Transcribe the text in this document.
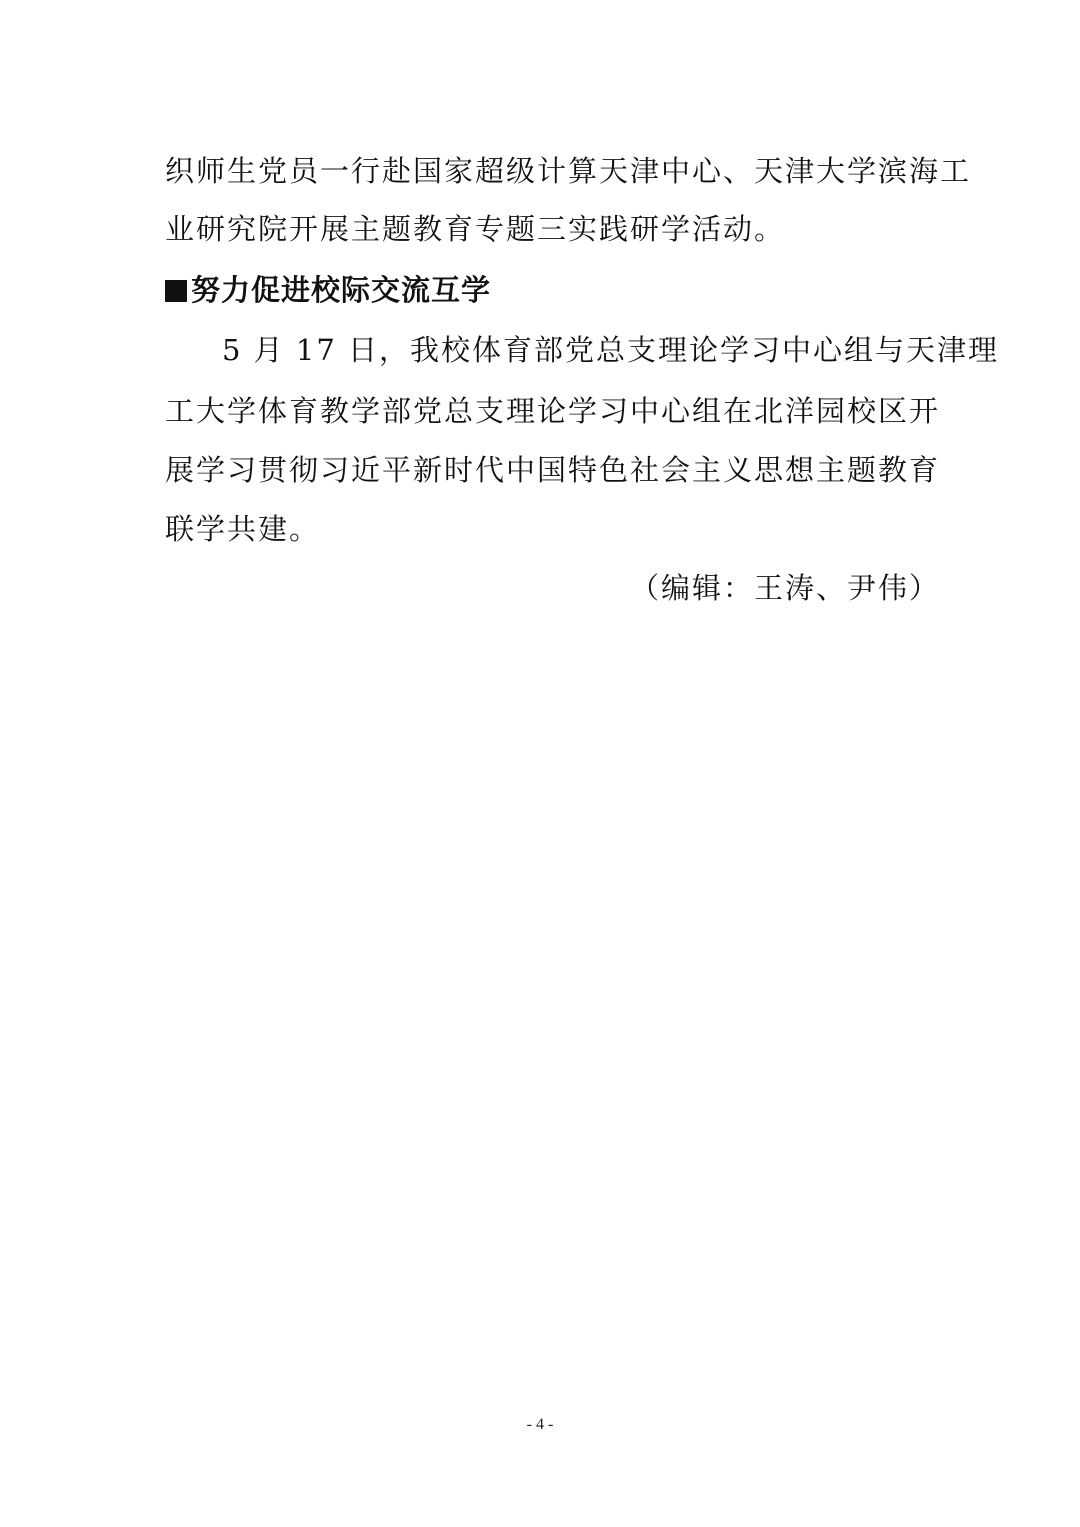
织师生党员一行赴国家超级计算天津中心、天津大学滨海工
业研究院开展主题教育专题三实践研学活动。
努力促进校际交流互学
5 月 17 日，我校体育部党总支理论学习中心组与天津理
工大学体育教学部党总支理论学习中心组在北洋园校区开
展学习贯彻习近平新时代中国特色社会主义思想主题教育
联学共建。
（编辑：王涛、尹伟）
- 4 -
